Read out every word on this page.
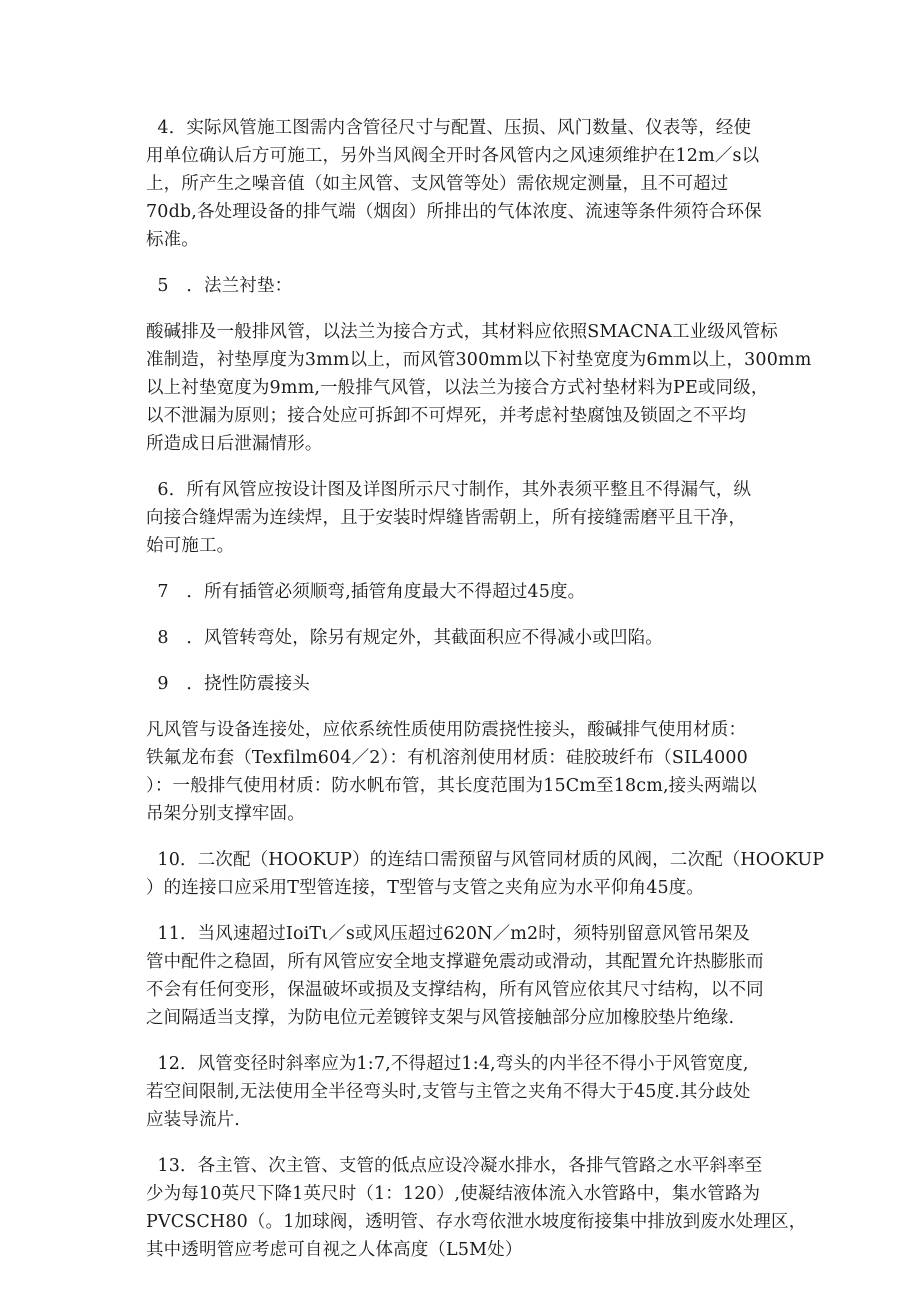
4．实际风管施工图需内含管径尺寸与配置、压损、风门数量、仪表等，经使
用单位确认后方可施工，另外当风阀全开时各风管内之风速须维护在12m／s以
上，所产生之噪音值（如主风管、支风管等处）需依规定测量，且不可超过
70db,各处理设备的排气端（烟囱）所排出的气体浓度、流速等条件须符合环保
标准。
5　．法兰衬垫：
酸碱排及一般排风管，以法兰为接合方式，其材料应依照SMACNA工业级风管标
准制造，衬垫厚度为3mm以上，而风管300mm以下衬垫宽度为6mm以上，300mm
以上衬垫宽度为9mm,一般排气风管，以法兰为接合方式衬垫材料为PE或同级，
以不泄漏为原则；接合处应可拆卸不可焊死，并考虑衬垫腐蚀及锁固之不平均
所造成日后泄漏情形。
6．所有风管应按设计图及详图所示尺寸制作，其外表须平整且不得漏气，纵
向接合缝焊需为连续焊，且于安装时焊缝皆需朝上，所有接缝需磨平且干净，
始可施工。
7　．所有插管必须顺弯,插管角度最大不得超过45度。
8　．风管转弯处，除另有规定外，其截面积应不得减小或凹陷。
9　．挠性防震接头
凡风管与设备连接处，应依系统性质使用防震挠性接头，酸碱排气使用材质：
铁氟龙布套（Texfilm604／2）：有机溶剂使用材质：硅胶玻纤布（SIL4000
）：一般排气使用材质：防水帆布管，其长度范围为15Cm至18cm,接头两端以
吊架分别支撑牢固。
10．二次配（HOOKUP）的连结口需预留与风管同材质的风阀，二次配（HOOKUP
）的连接口应采用T型管连接，T型管与支管之夹角应为水平仰角45度。
11．当风速超过IoiTι／s或风压超过620N／m2时，须特别留意风管吊架及
管中配件之稳固，所有风管应安全地支撑避免震动或滑动，其配置允许热膨胀而
不会有任何变形，保温破坏或损及支撑结构，所有风管应依其尺寸结构，以不同
之间隔适当支撑，为防电位元差镀锌支架与风管接触部分应加橡胶垫片绝缘.
12．风管变径时斜率应为1:7,不得超过1:4,弯头的内半径不得小于风管宽度,
若空间限制,无法使用全半径弯头时,支管与主管之夹角不得大于45度.其分歧处
应装导流片.
13．各主管、次主管、支管的低点应设冷凝水排水，各排气管路之水平斜率至
少为每10英尺下降1英尺时（1：120）,使凝结液体流入水管路中，集水管路为
PVCSCH80（。1加球阀，透明管、存水弯依泄水坡度衔接集中排放到废水处理区，
其中透明管应考虑可自视之人体高度（L5M处）
